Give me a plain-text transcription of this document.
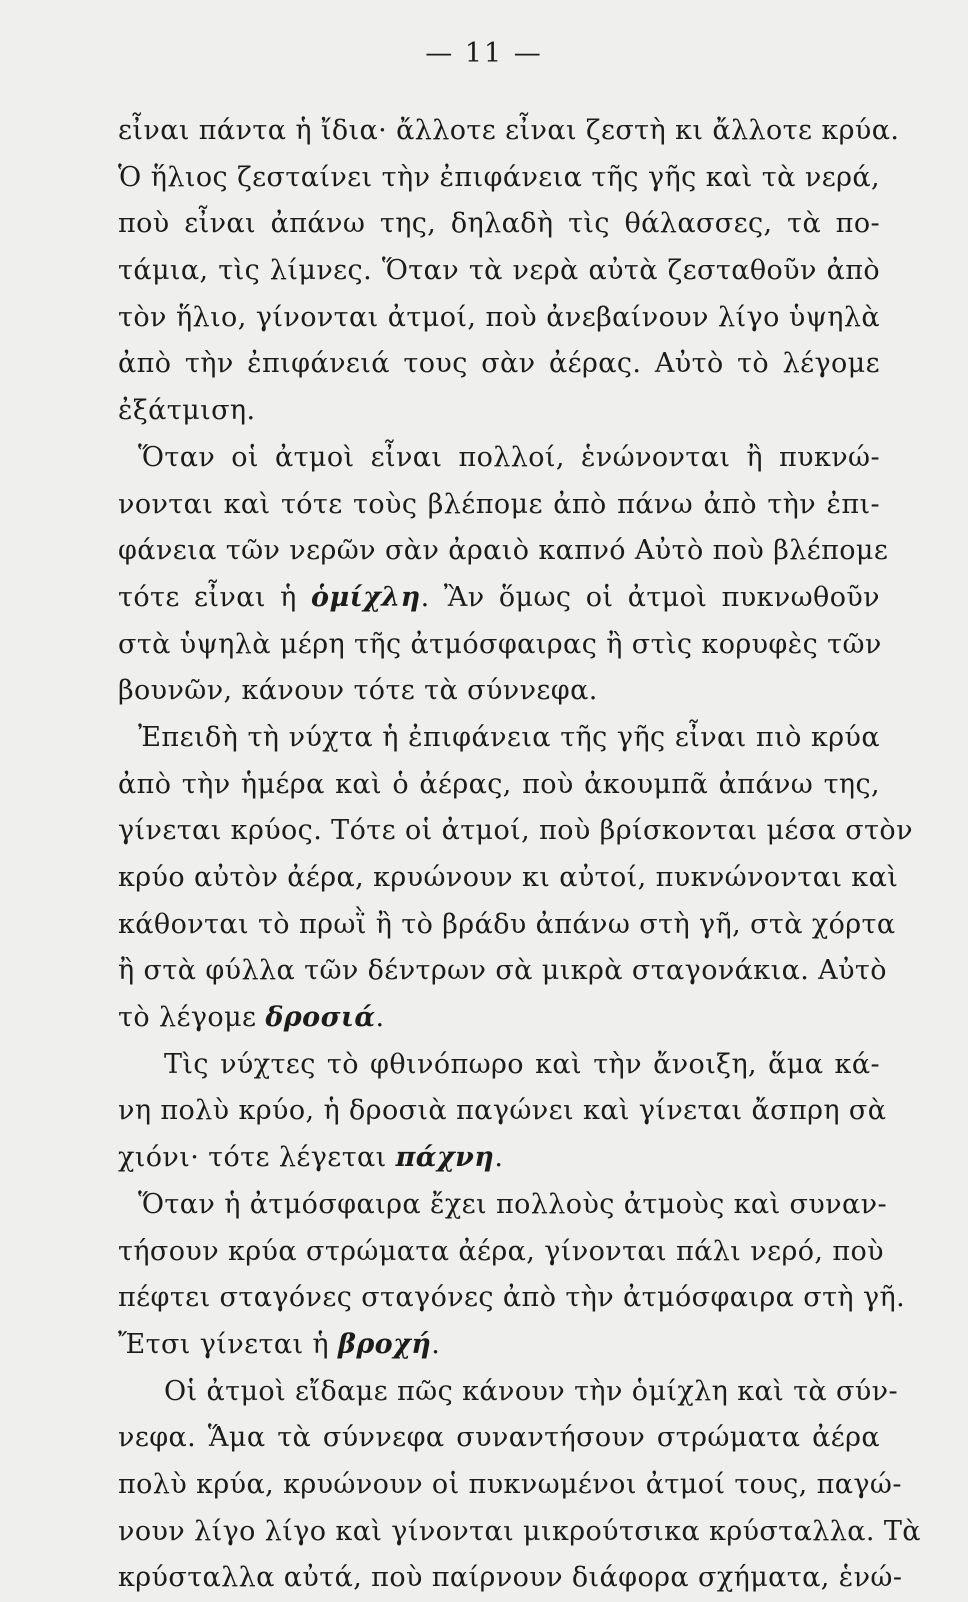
— 11 —
εἶναι πάντα ἡ ἴδια· ἄλλοτε εἶναι ζεστὴ κι ἄλλοτε κρύα.
Ὁ ἥλιος ζεσταίνει τὴν ἐπιφάνεια τῆς γῆς καὶ τὰ νερά,
ποὺ εἶναι ἀπάνω της, δηλαδὴ τὶς θάλασσες, τὰ πο-
τάμια, τὶς λίμνες. Ὅταν τὰ νερὰ αὐτὰ ζεσταθοῦν ἀπὸ
τὸν ἥλιο, γίνονται ἀτμοί, ποὺ ἀνεβαίνουν λίγο ὑψηλὰ
ἀπὸ τὴν ἐπιφάνειά τους σὰν ἀέρας. Αὐτὸ τὸ λέγομε
ἐξάτμιση.
Ὅταν οἱ ἀτμοὶ εἶναι πολλοί, ἑνώνονται ἢ πυκνώ-
νονται καὶ τότε τοὺς βλέπομε ἀπὸ πάνω ἀπὸ τὴν ἐπι-
φάνεια τῶν νερῶν σὰν ἀραιὸ καπνό Αὐτὸ ποὺ βλέπομε
τότε εἶναι ἡ ὁμίχλη. Ἂν ὅμως οἱ ἀτμοὶ πυκνωθοῦν
στὰ ὑψηλὰ μέρη τῆς ἀτμόσφαιρας ἢ στὶς κορυφὲς τῶν
βουνῶν, κάνουν τότε τὰ σύννεφα.
Ἐπειδὴ τὴ νύχτα ἡ ἐπιφάνεια τῆς γῆς εἶναι πιὸ κρύα
ἀπὸ τὴν ἡμέρα καὶ ὁ ἀέρας, ποὺ ἀκουμπᾶ ἀπάνω της,
γίνεται κρύος. Τότε οἱ ἀτμοί, ποὺ βρίσκονται μέσα στὸν
κρύο αὐτὸν ἀέρα, κρυώνουν κι αὐτοί, πυκνώνονται καὶ
κάθονται τὸ πρωῒ ἢ τὸ βράδυ ἀπάνω στὴ γῆ, στὰ χόρτα
ἢ στὰ φύλλα τῶν δέντρων σὰ μικρὰ σταγονάκια. Αὐτὸ
τὸ λέγομε δροσιά.
Τὶς νύχτες τὸ φθινόπωρο καὶ τὴν ἄνοιξη, ἅμα κά-
νη πολὺ κρύο, ἡ δροσιὰ παγώνει καὶ γίνεται ἄσπρη σὰ
χιόνι· τότε λέγεται πάχνη.
Ὅταν ἡ ἀτμόσφαιρα ἔχει πολλοὺς ἀτμοὺς καὶ συναν-
τήσουν κρύα στρώματα ἀέρα, γίνονται πάλι νερό, ποὺ
πέφτει σταγόνες σταγόνες ἀπὸ τὴν ἀτμόσφαιρα στὴ γῆ.
Ἔτσι γίνεται ἡ βροχή.
Οἱ ἀτμοὶ εἴδαμε πῶς κάνουν τὴν ὁμίχλη καὶ τὰ σύν-
νεφα. Ἅμα τὰ σύννεφα συναντήσουν στρώματα ἀέρα
πολὺ κρύα, κρυώνουν οἱ πυκνωμένοι ἀτμοί τους, παγώ-
νουν λίγο λίγο καὶ γίνονται μικρούτσικα κρύσταλλα. Τὰ
κρύσταλλα αὐτά, ποὺ παίρνουν διάφορα σχήματα, ἑνώ-
